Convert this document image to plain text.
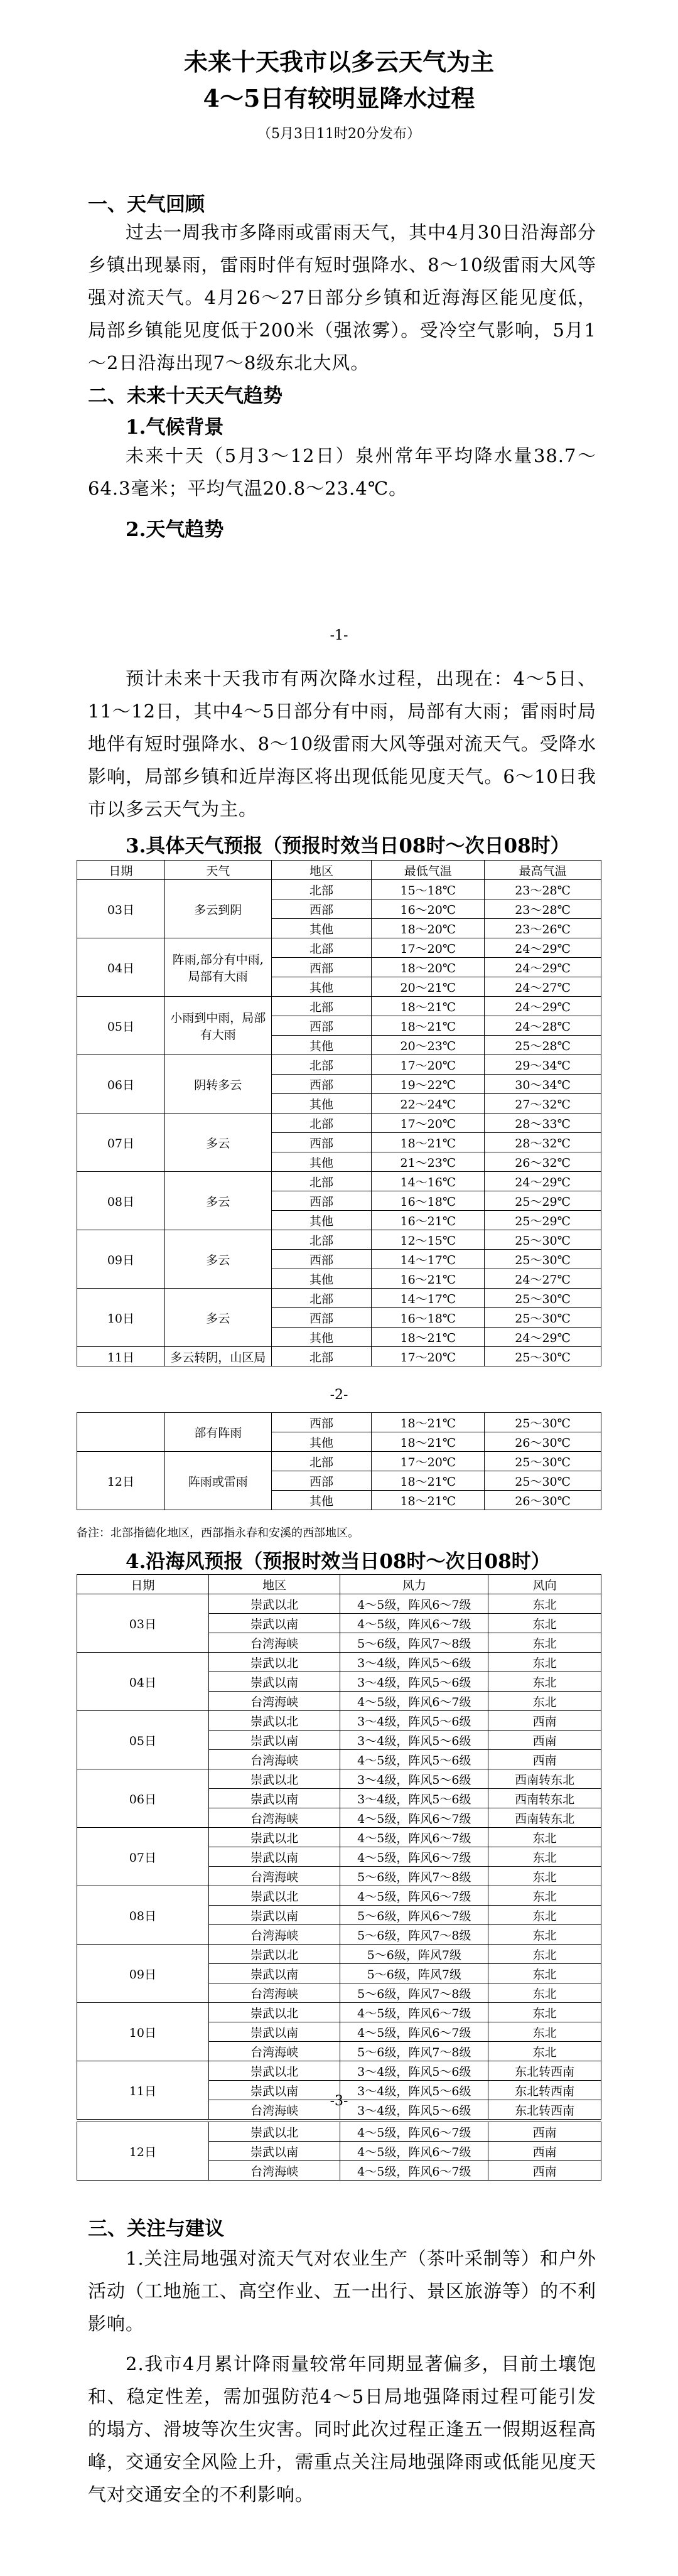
未来十天我市以多云天气为主
4～5日有较明显降水过程
（5月3日11时20分发布）
一、天气回顾
过去一周我市多降雨或雷雨天气，其中4月30日沿海部分乡镇出现暴雨，雷雨时伴有短时强降水、8～10级雷雨大风等强对流天气。4月26～27日部分乡镇和近海海区能见度低，局部乡镇能见度低于200米（强浓雾）。受冷空气影响，5月1～2日沿海出现7～8级东北大风。
二、未来十天天气趋势
1.气候背景
未来十天（5月3～12日）泉州常年平均降水量38.7～64.3毫米；平均气温20.8～23.4℃。
2.天气趋势
-1-
预计未来十天我市有两次降水过程，出现在：4～5日、11～12日，其中4～5日部分有中雨，局部有大雨；雷雨时局地伴有短时强降水、8～10级雷雨大风等强对流天气。受降水影响，局部乡镇和近岸海区将出现低能见度天气。6～10日我市以多云天气为主。
3.具体天气预报（预报时效当日08时～次日08时）
日期	天气	地区	最低气温	最高气温
03日	多云到阴	北部	15～18℃	23～28℃
		西部	16～20℃	23～28℃
		其他	18～20℃	23～26℃
04日	阵雨,部分有中雨,局部有大雨	北部	17～20℃	24～29℃
		西部	18～20℃	24～29℃
		其他	20～21℃	24～27℃
05日	小雨到中雨，局部有大雨	北部	18～21℃	24～29℃
		西部	18～21℃	24～28℃
		其他	20～23℃	25～28℃
06日	阴转多云	北部	17～20℃	29～34℃
		西部	19～22℃	30～34℃
		其他	22～24℃	27～32℃
07日	多云	北部	17～20℃	28～33℃
		西部	18～21℃	28～32℃
		其他	21～23℃	26～32℃
08日	多云	北部	14～16℃	24～29℃
		西部	16～18℃	25～29℃
		其他	16～21℃	25～29℃
09日	多云	北部	12～15℃	25～30℃
		西部	14～17℃	25～30℃
		其他	16～21℃	24～27℃
10日	多云	北部	14～17℃	25～30℃
		西部	16～18℃	25～30℃
		其他	18～21℃	24～29℃
11日	多云转阴，山区局	北部	17～20℃	25～30℃
-2-
	部有阵雨	西部	18～21℃	25～30℃
		其他	18～21℃	26～30℃
12日	阵雨或雷雨	北部	17～20℃	25～30℃
		西部	18～21℃	25～30℃
		其他	18～21℃	26～30℃
备注：北部指德化地区，西部指永春和安溪的西部地区。
4.沿海风预报（预报时效当日08时～次日08时）
日期	地区	风力	风向
03日	崇武以北	4～5级，阵风6～7级	东北
	崇武以南	4～5级，阵风6～7级	东北
	台湾海峡	5～6级，阵风7～8级	东北
04日	崇武以北	3～4级，阵风5～6级	东北
	崇武以南	3～4级，阵风5～6级	东北
	台湾海峡	4～5级，阵风6～7级	东北
05日	崇武以北	3～4级，阵风5～6级	西南
	崇武以南	3～4级，阵风5～6级	西南
	台湾海峡	4～5级，阵风5～6级	西南
06日	崇武以北	3～4级，阵风5～6级	西南转东北
	崇武以南	3～4级，阵风5～6级	西南转东北
	台湾海峡	4～5级，阵风6～7级	西南转东北
07日	崇武以北	4～5级，阵风6～7级	东北
	崇武以南	4～5级，阵风6～7级	东北
	台湾海峡	5～6级，阵风7～8级	东北
08日	崇武以北	4～5级，阵风6～7级	东北
	崇武以南	5～6级，阵风6～7级	东北
	台湾海峡	5～6级，阵风7～8级	东北
09日	崇武以北	5～6级，阵风7级	东北
	崇武以南	5～6级，阵风7级	东北
	台湾海峡	5～6级，阵风7～8级	东北
10日	崇武以北	4～5级，阵风6～7级	东北
	崇武以南	4～5级，阵风6～7级	东北
	台湾海峡	5～6级，阵风7～8级	东北
11日	崇武以北	3～4级，阵风5～6级	东北转西南
	崇武以南	3～4级，阵风5～6级	东北转西南
	台湾海峡	3～4级，阵风5～6级	东北转西南
-3-
12日	崇武以北	4～5级，阵风6～7级	西南
	崇武以南	4～5级，阵风6～7级	西南
	台湾海峡	4～5级，阵风6～7级	西南
三、关注与建议
1.关注局地强对流天气对农业生产（茶叶采制等）和户外活动（工地施工、高空作业、五一出行、景区旅游等）的不利影响。
2.我市4月累计降雨量较常年同期显著偏多，目前土壤饱和、稳定性差，需加强防范4～5日局地强降雨过程可能引发的塌方、滑坡等次生灾害。同时此次过程正逢五一假期返程高峰，交通安全风险上升，需重点关注局地强降雨或低能见度天气对交通安全的不利影响。
